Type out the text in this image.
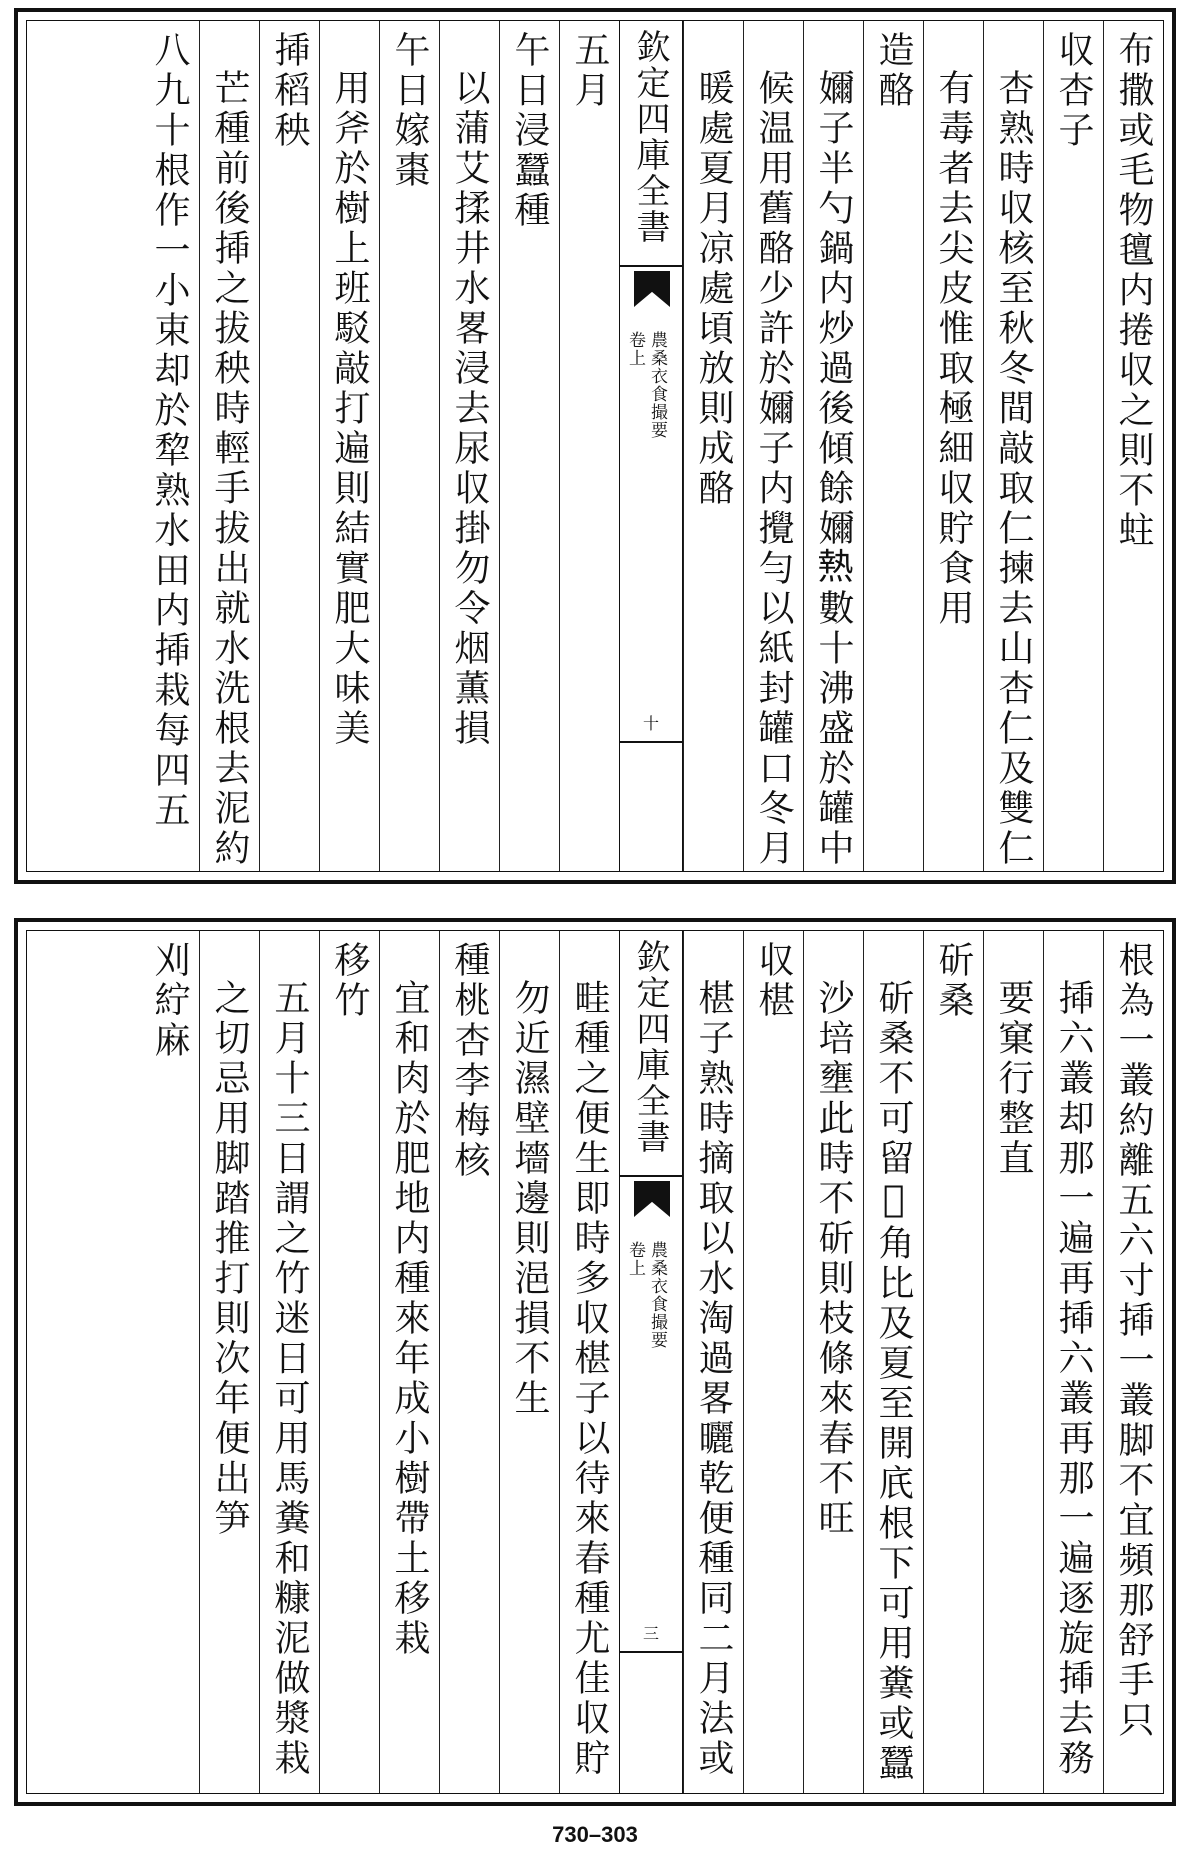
布撒或毛物氊内捲収之則不蛀
収杏子
杏熟時収核至秋冬間敲取仁揀去山杏仁及雙仁
有毒者去尖皮惟取極細収貯食用
造酪
嬭子半勺鍋内炒過後傾餘嬭𤍠數十沸盛於罐中
候温用舊酪少許於嬭子内攪勻以紙封罐口冬月
暖處夏月凉處頃放則成酪
欽定四庫全書
農桑衣食撮要
卷上
十
五月
午日浸蠶種
以蒲艾揉井水畧浸去尿収掛勿令烟薫損
午日嫁棗
用斧於樹上班駁敲打遍則結實肥大味美
揷稻秧
芒種前後揷之拔秧時輕手拔出就水洗根去泥約
八九十根作一小束却於犂熟水田内揷栽每四五
根為一叢約離五六寸揷一叢脚不宜頻那舒手只
揷六叢却那一遍再揷六叢再那一遍逐旋揷去務
要窠行整直
斫桑
斫桑不可留𣗥角比及夏至開㡳根下可用糞或蠶
沙培壅此時不斫則枝條來春不旺
収椹
椹子熟時摘取以水淘過畧曬乾便種同二月法或
欽定四庫全書
農桑衣食撮要
卷上
三
畦種之便生即時多収椹子以待來春種尤佳収貯
勿近濕壁墻邊則浥損不生
種桃杏李梅核
宜和肉於肥地内種來年成小樹帶土移栽
移竹
五月十三日謂之竹迷日可用馬糞和糠泥做漿栽
之切忌用脚踏推打則次年便出笋
刈紵麻
730–303
